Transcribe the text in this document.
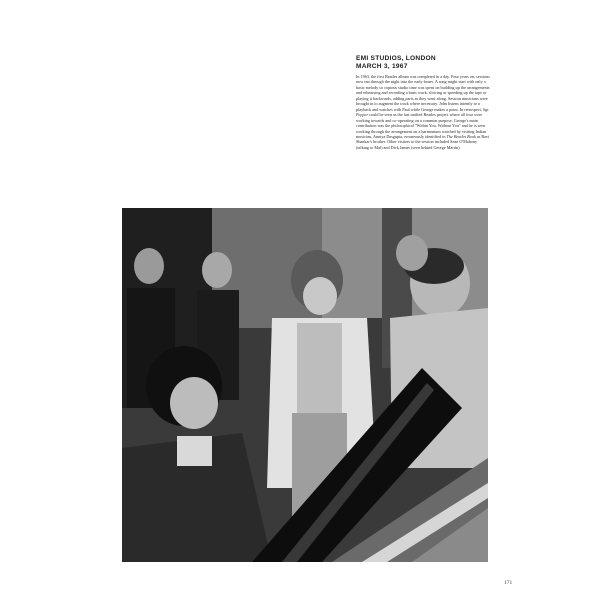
EMI STUDIOS, LONDON
MARCH 3, 1967

In 1963, the first Beatles album was completed in a day. Four years on, sessions now ran through the night into the early hours. A song might start with only a basic melody so copious studio time was spent on building up the arrangements and rehearsing and recording a basic track, slowing or speeding up the tape or playing it backwards, adding parts as they went along. Session musicians were brought in to augment the track where necessary. John listens intently to a playback and watches with Paul while George makes a point. In retrospect, Sgt. Pepper could be seen as the last unified Beatles project where all four were working towards and co-operating on a common purpose. George's main contribution was the philosophical "Within You, Without You" and he is seen working through the arrangement on a harmonium watched by visiting Indian musician, Anniya Dasgupta, erroneously identified in The Beatles Book as Ravi Shankar's brother. Other visitors to the session included Sean O'Mahony (talking to Mal) and Dick James (seen behind George Martin).

171
